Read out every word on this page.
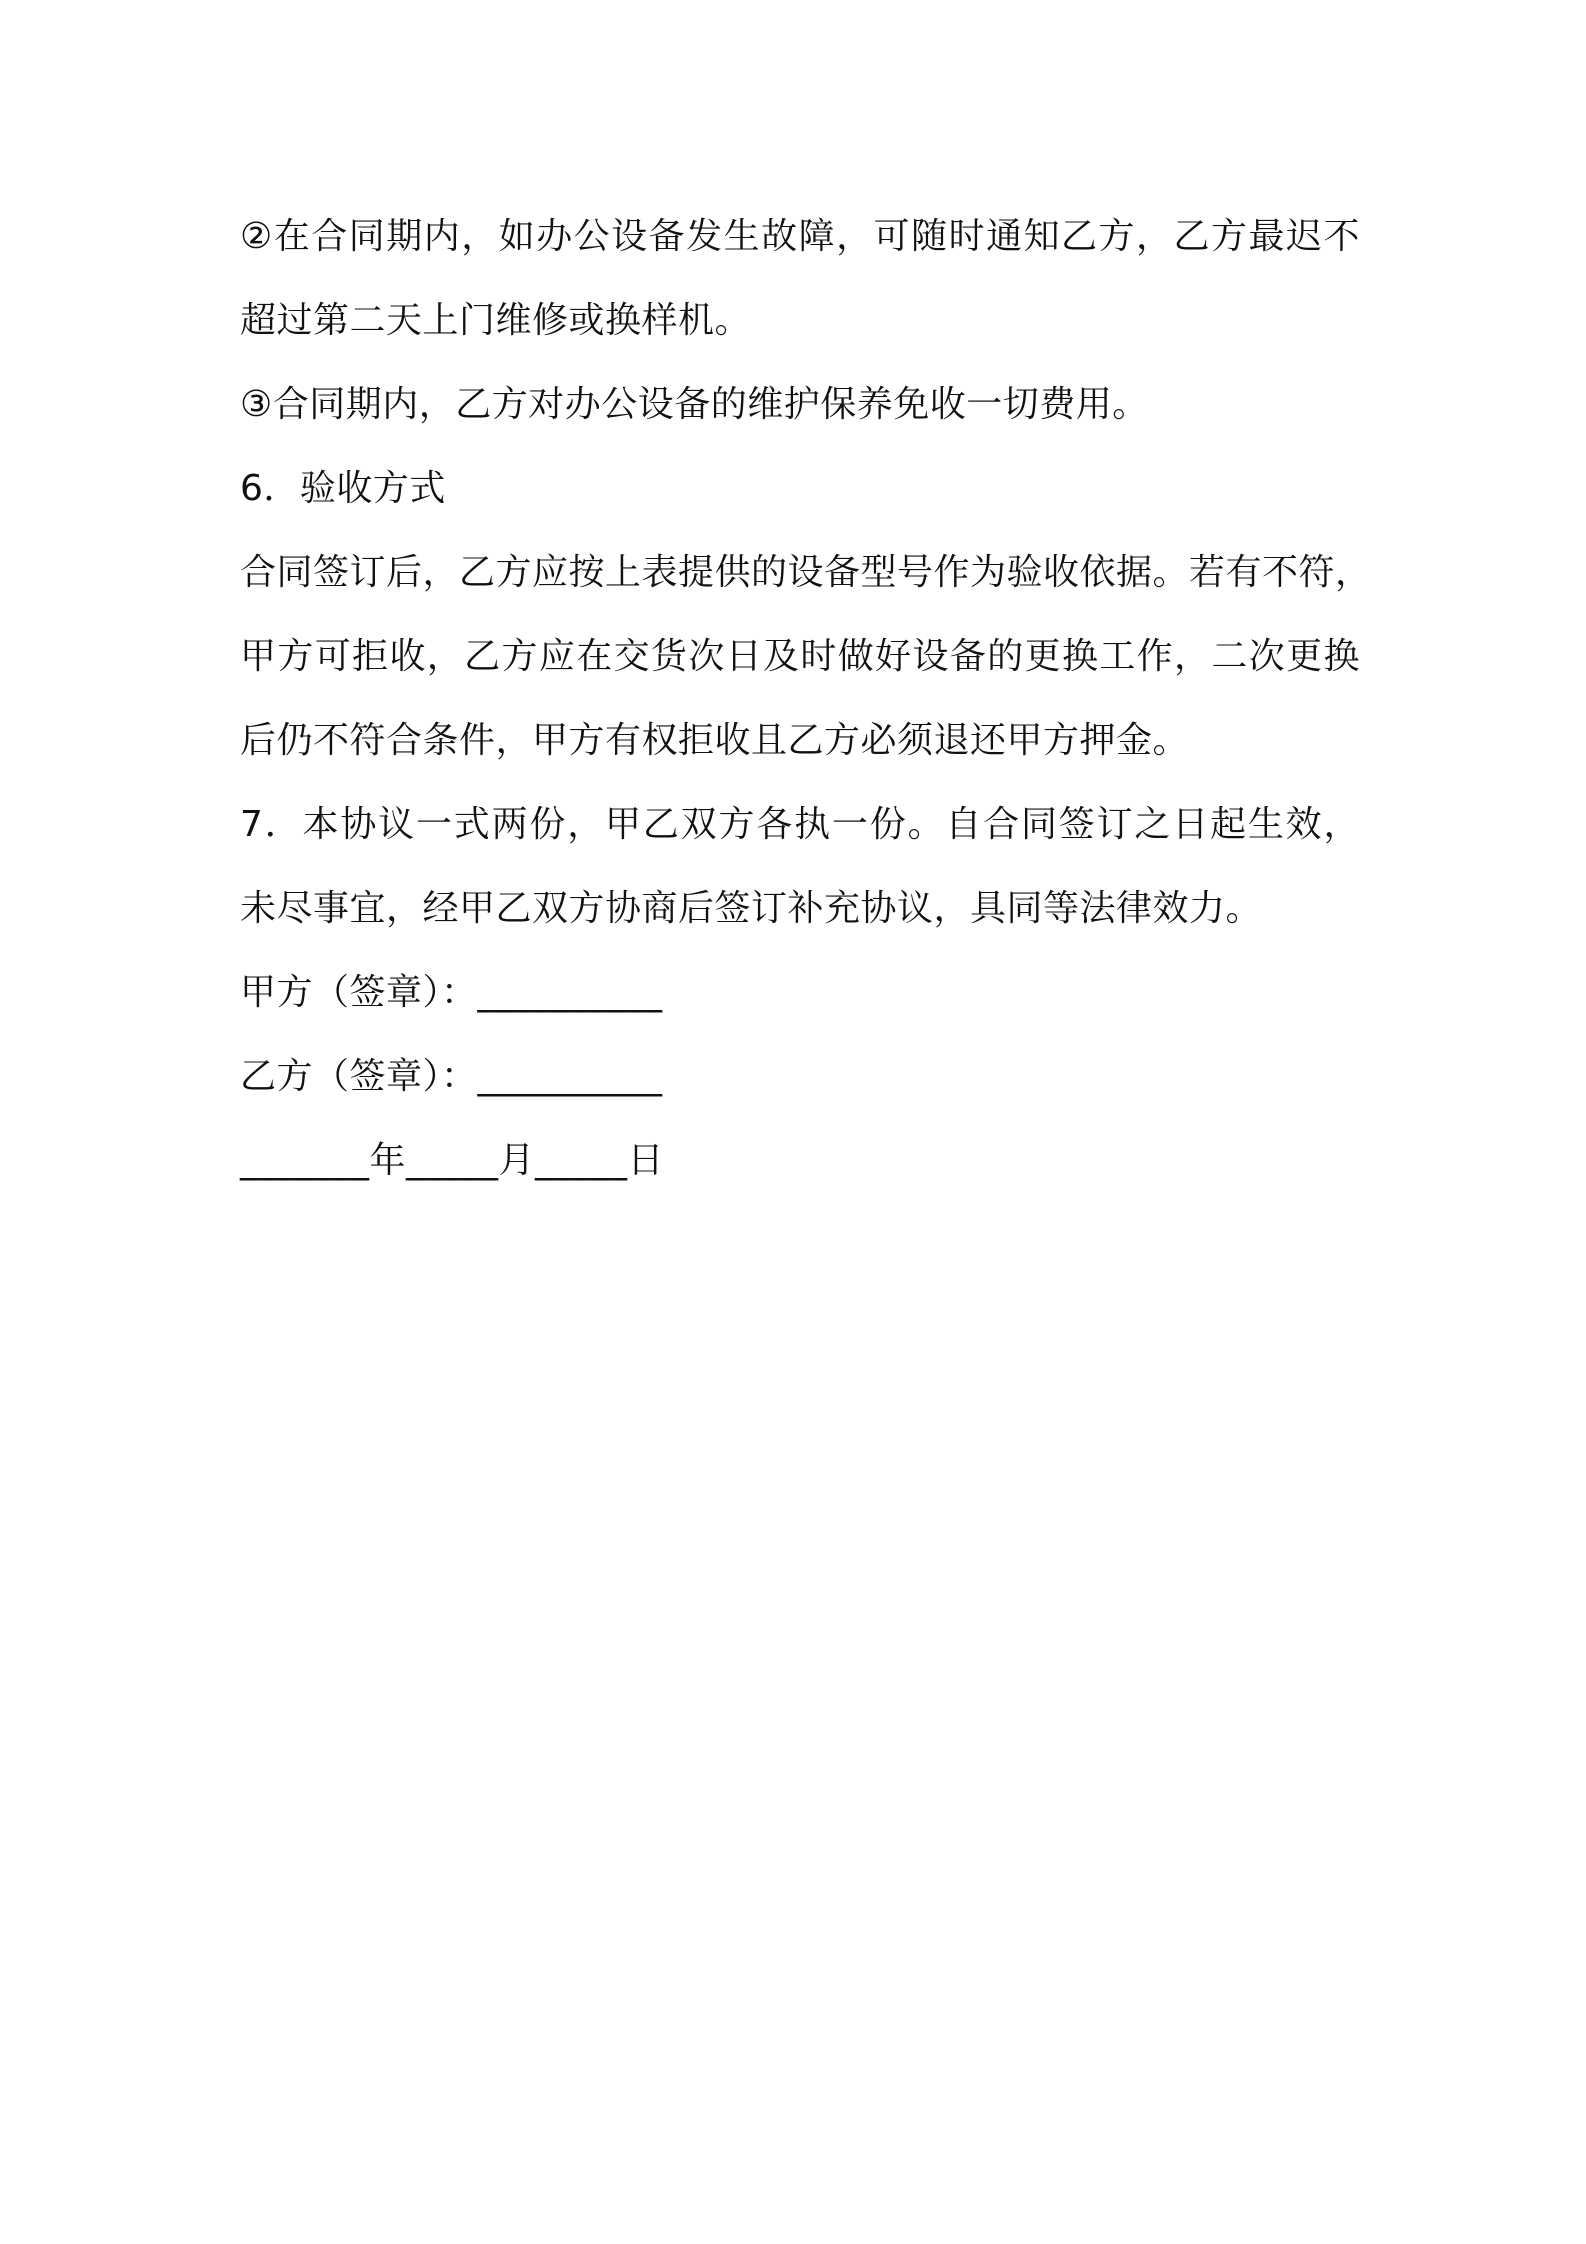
②在合同期内，如办公设备发生故障，可随时通知乙方，乙方最迟不
超过第二天上门维修或换样机。
③合同期内，乙方对办公设备的维护保养免收一切费用。
6．验收方式
合同签订后，乙方应按上表提供的设备型号作为验收依据。若有不符，
甲方可拒收，乙方应在交货次日及时做好设备的更换工作，二次更换
后仍不符合条件，甲方有权拒收且乙方必须退还甲方押金。
7．本协议一式两份，甲乙双方各执一份。自合同签订之日起生效，
未尽事宜，经甲乙双方协商后签订补充协议，具同等法律效力。
甲方（签章）：__________
乙方（签章）：__________
_______年_____月_____日
